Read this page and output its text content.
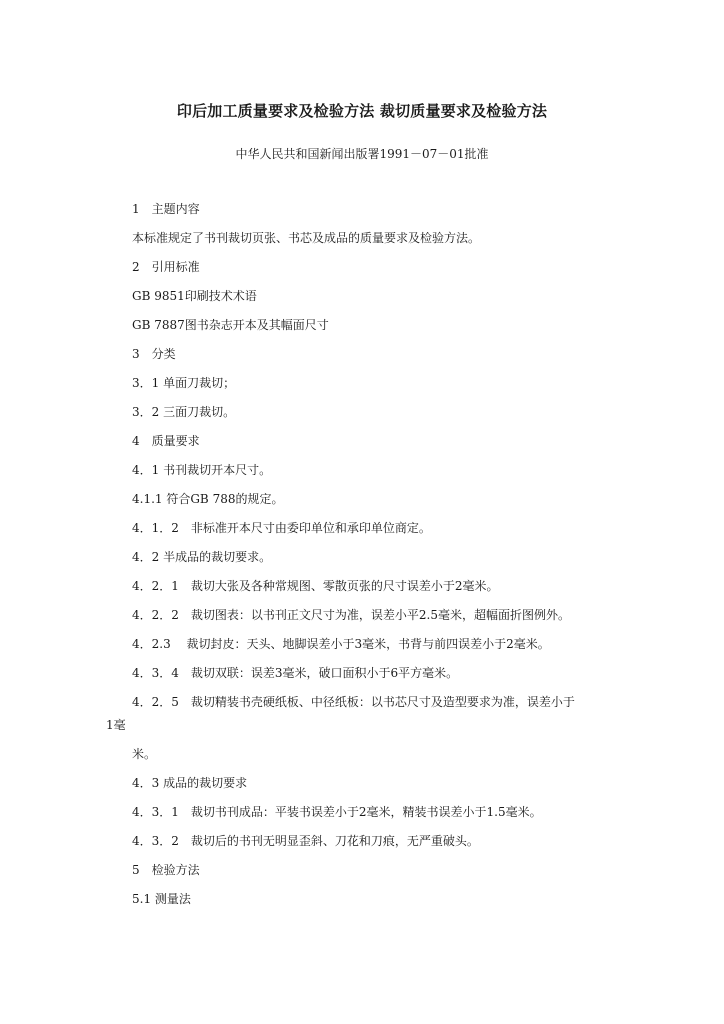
印后加工质量要求及检验方法 裁切质量要求及检验方法
中华人民共和国新闻出版署1991－07－01批准
1　主题内容
本标准规定了书刊裁切页张、书芯及成品的质量要求及检验方法。
2　引用标准
GB 9851印刷技术术语
GB 7887图书杂志开本及其幅面尺寸
3　分类
3．1 单面刀裁切；
3．2 三面刀裁切。
4　质量要求
4．1 书刊裁切开本尺寸。
4.1.1 符合GB 788的规定。
4．1．2　非标准开本尺寸由委印单位和承印单位商定。
4．2 半成品的裁切要求。
4．2．1　裁切大张及各种常规图、零散页张的尺寸误差小于2毫米。
4．2．2　裁切图表：以书刊正文尺寸为准，误差小平2.5毫米，超幅面折图例外。
4．2.3　 裁切封皮：天头、地脚误差小于3毫米，书背与前四误差小于2毫米。
4．3．4　裁切双联：误差3毫米，破口面积小于6平方毫米。
4．2．5　裁切精装书壳硬纸板、中径纸板：以书芯尺寸及造型要求为准，误差小于
1毫
米。
4．3 成品的裁切要求
4．3．1　裁切书刊成品：平装书误差小于2毫米，精装书误差小于1.5毫米。
4．3．2　裁切后的书刊无明显歪斜、刀花和刀痕，无严重破头。
5　检验方法
5.1 测量法
